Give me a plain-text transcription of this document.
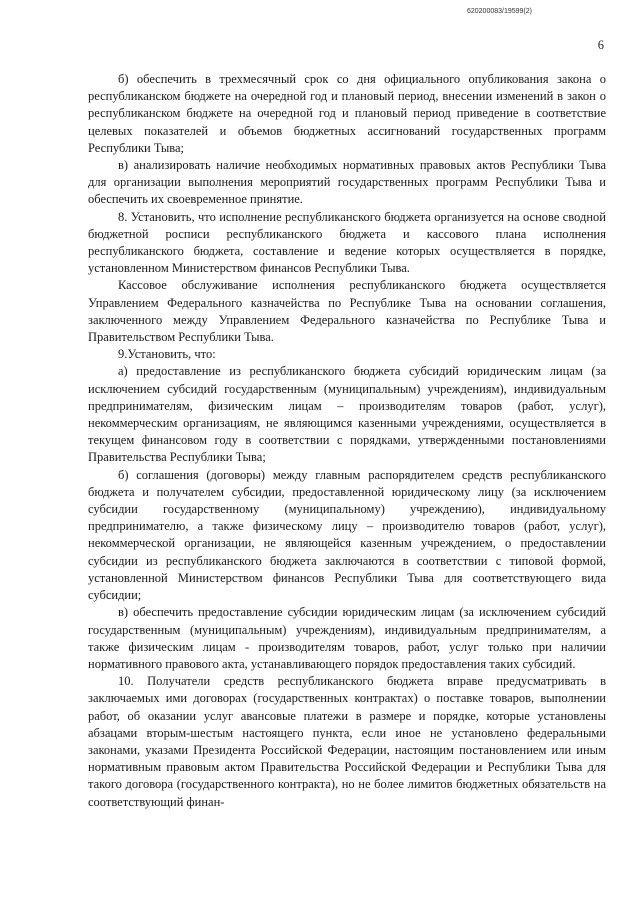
620200083/19599(2)
6

б) обеспечить в трехмесячный срок со дня официального опубликования закона о республиканском бюджете на очередной год и плановый период, внесении изменений в закон о республиканском бюджете на очередной год и плановый период приведение в соответствие целевых показателей и объемов бюджетных ассигнований государственных программ Республики Тыва;

в) анализировать наличие необходимых нормативных правовых актов Республики Тыва для организации выполнения мероприятий государственных программ Республики Тыва и обеспечить их своевременное принятие.

8. Установить, что исполнение республиканского бюджета организуется на основе сводной бюджетной росписи республиканского бюджета и кассового плана исполнения республиканского бюджета, составление и ведение которых осуществляется в порядке, установленном Министерством финансов Республики Тыва.

Кассовое обслуживание исполнения республиканского бюджета осуществляется Управлением Федерального казначейства по Республике Тыва на основании соглашения, заключенного между Управлением Федерального казначейства по Республике Тыва и Правительством Республики Тыва.

9.Установить, что:

а) предоставление из республиканского бюджета субсидий юридическим лицам (за исключением субсидий государственным (муниципальным) учреждениям), индивидуальным предпринимателям, физическим лицам – производителям товаров (работ, услуг), некоммерческим организациям, не являющимся казенными учреждениями, осуществляется в текущем финансовом году в соответствии с порядками, утвержденными постановлениями Правительства Республики Тыва;

б) соглашения (договоры) между главным распорядителем средств республиканского бюджета и получателем субсидии, предоставленной юридическому лицу (за исключением субсидии государственному (муниципальному) учреждению), индивидуальному предпринимателю, а также физическому лицу – производителю товаров (работ, услуг), некоммерческой организации, не являющейся казенным учреждением, о предоставлении субсидии из республиканского бюджета заключаются в соответствии с типовой формой, установленной Министерством финансов Республики Тыва для соответствующего вида субсидии;

в) обеспечить предоставление субсидии юридическим лицам (за исключением субсидий государственным (муниципальным) учреждениям), индивидуальным предпринимателям, а также физическим лицам - производителям товаров, работ, услуг только при наличии нормативного правового акта, устанавливающего порядок предоставления таких субсидий.

10. Получатели средств республиканского бюджета вправе предусматривать в заключаемых ими договорах (государственных контрактах) о поставке товаров, выполнении работ, об оказании услуг авансовые платежи в размере и порядке, которые установлены абзацами вторым-шестым настоящего пункта, если иное не установлено федеральными законами, указами Президента Российской Федерации, настоящим постановлением или иным нормативным правовым актом Правительства Российской Федерации и Республики Тыва для такого договора (государственного контракта), но не более лимитов бюджетных обязательств на соответствующий финан-
